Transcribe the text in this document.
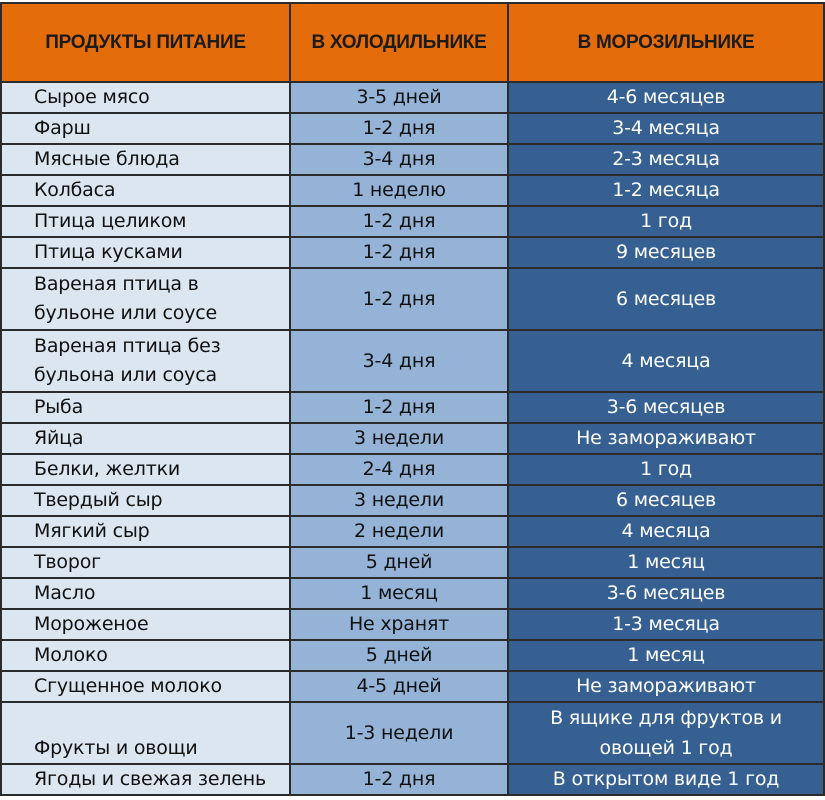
ПРОДУКТЫ ПИТАНИЕ	В ХОЛОДИЛЬНИКЕ	В МОРОЗИЛЬНИКЕ
Сырое мясо	3-5 дней	4-6 месяцев
Фарш	1-2 дня	3-4 месяца
Мясные блюда	3-4 дня	2-3 месяца
Колбаса	1 неделю	1-2 месяца
Птица целиком	1-2 дня	1 год
Птица кусками	1-2 дня	9 месяцев
Вареная птица в бульоне или соусе	1-2 дня	6 месяцев
Вареная птица без бульона или соуса	3-4 дня	4 месяца
Рыба	1-2 дня	3-6 месяцев
Яйца	3 недели	Не замораживают
Белки, желтки	2-4 дня	1 год
Твердый сыр	3 недели	6 месяцев
Мягкий сыр	2 недели	4 месяца
Творог	5 дней	1 месяц
Масло	1 месяц	3-6 месяцев
Мороженое	Не хранят	1-3 месяца
Молоко	5 дней	1 месяц
Сгущенное молоко	4-5 дней	Не замораживают
Фрукты и овощи	1-3 недели	В ящике для фруктов и овощей 1 год
Ягоды и свежая зелень	1-2 дня	В открытом виде 1 год
